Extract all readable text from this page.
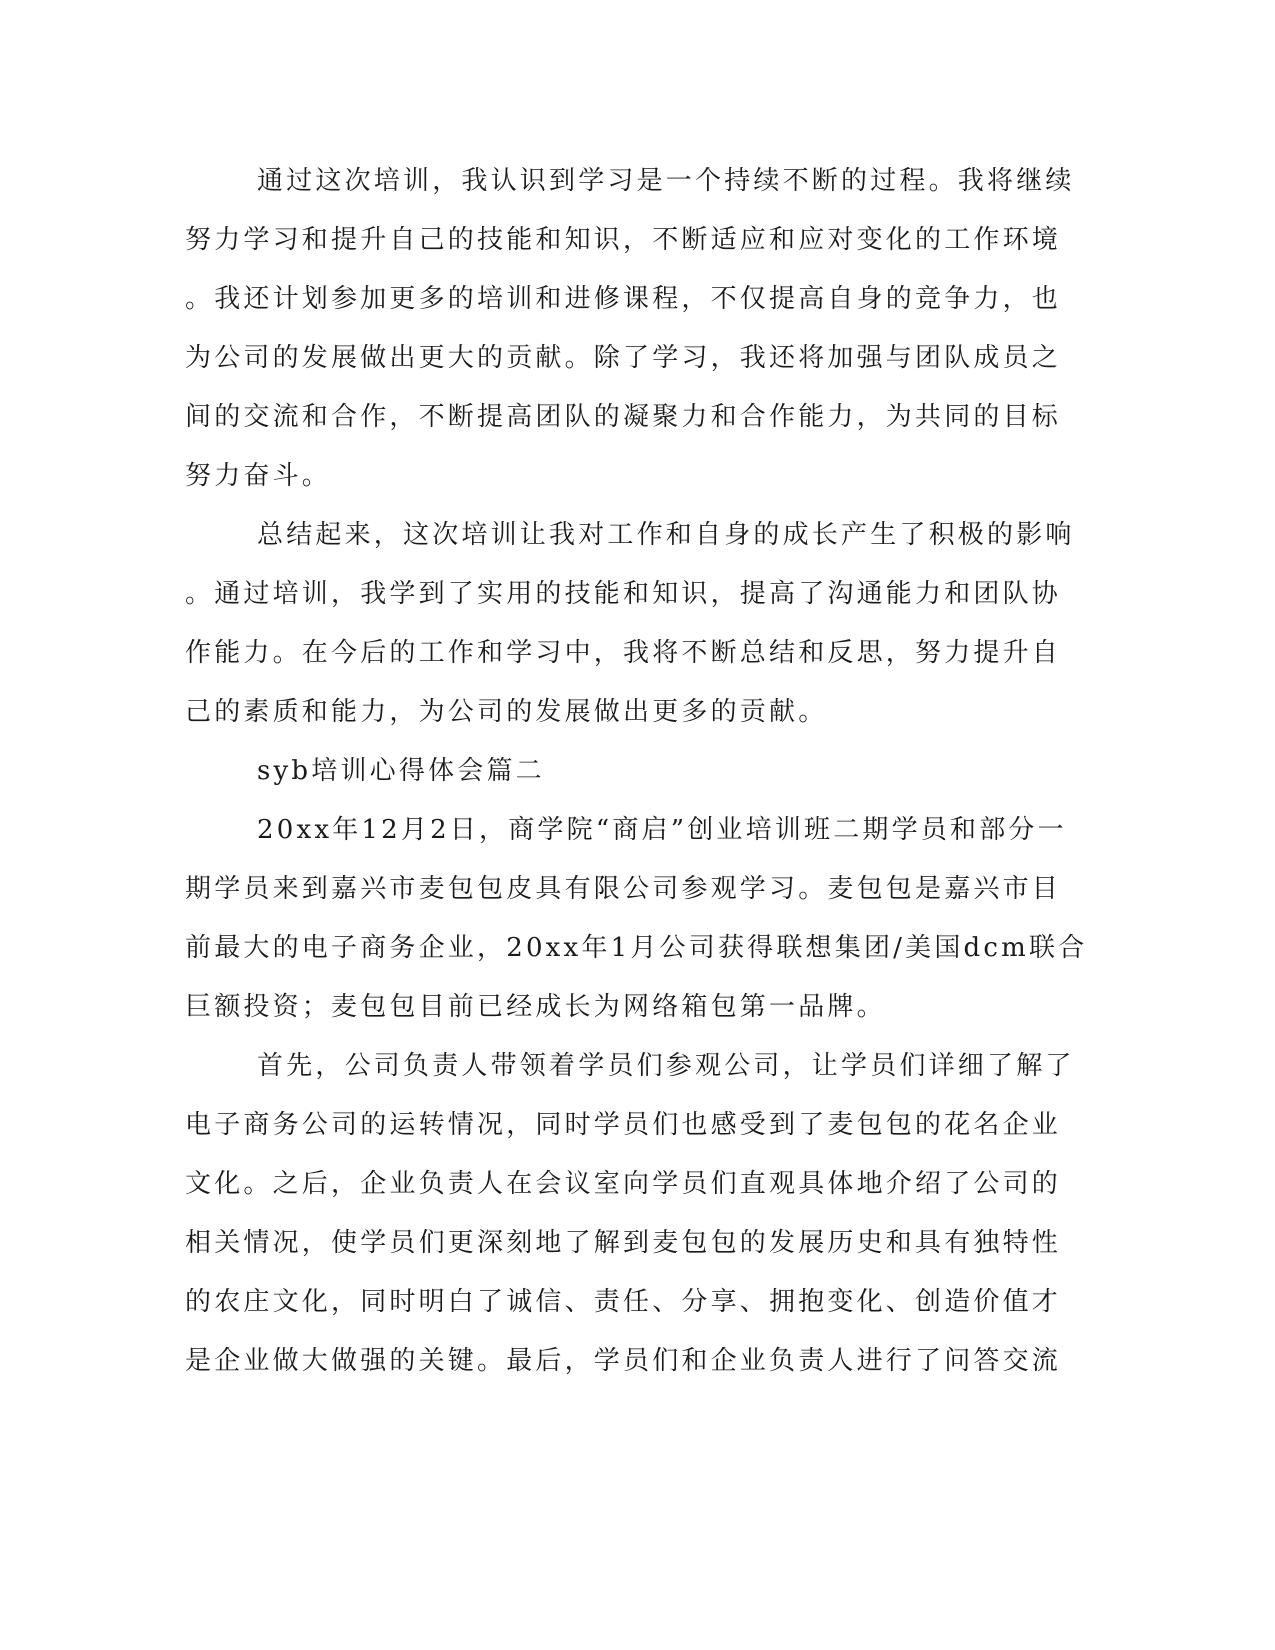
通过这次培训，我认识到学习是一个持续不断的过程。我将继续
努力学习和提升自己的技能和知识，不断适应和应对变化的工作环境
。我还计划参加更多的培训和进修课程，不仅提高自身的竞争力，也
为公司的发展做出更大的贡献。除了学习，我还将加强与团队成员之
间的交流和合作，不断提高团队的凝聚力和合作能力，为共同的目标
努力奋斗。
总结起来，这次培训让我对工作和自身的成长产生了积极的影响
。通过培训，我学到了实用的技能和知识，提高了沟通能力和团队协
作能力。在今后的工作和学习中，我将不断总结和反思，努力提升自
己的素质和能力，为公司的发展做出更多的贡献。
syb培训心得体会篇二
20xx年12月2日，商学院“商启”创业培训班二期学员和部分一
期学员来到嘉兴市麦包包皮具有限公司参观学习。麦包包是嘉兴市目
前最大的电子商务企业，20xx年1月公司获得联想集团/美国dcm联合
巨额投资；麦包包目前已经成长为网络箱包第一品牌。
首先，公司负责人带领着学员们参观公司，让学员们详细了解了
电子商务公司的运转情况，同时学员们也感受到了麦包包的花名企业
文化。之后，企业负责人在会议室向学员们直观具体地介绍了公司的
相关情况，使学员们更深刻地了解到麦包包的发展历史和具有独特性
的农庄文化，同时明白了诚信、责任、分享、拥抱变化、创造价值才
是企业做大做强的关键。最后，学员们和企业负责人进行了问答交流
